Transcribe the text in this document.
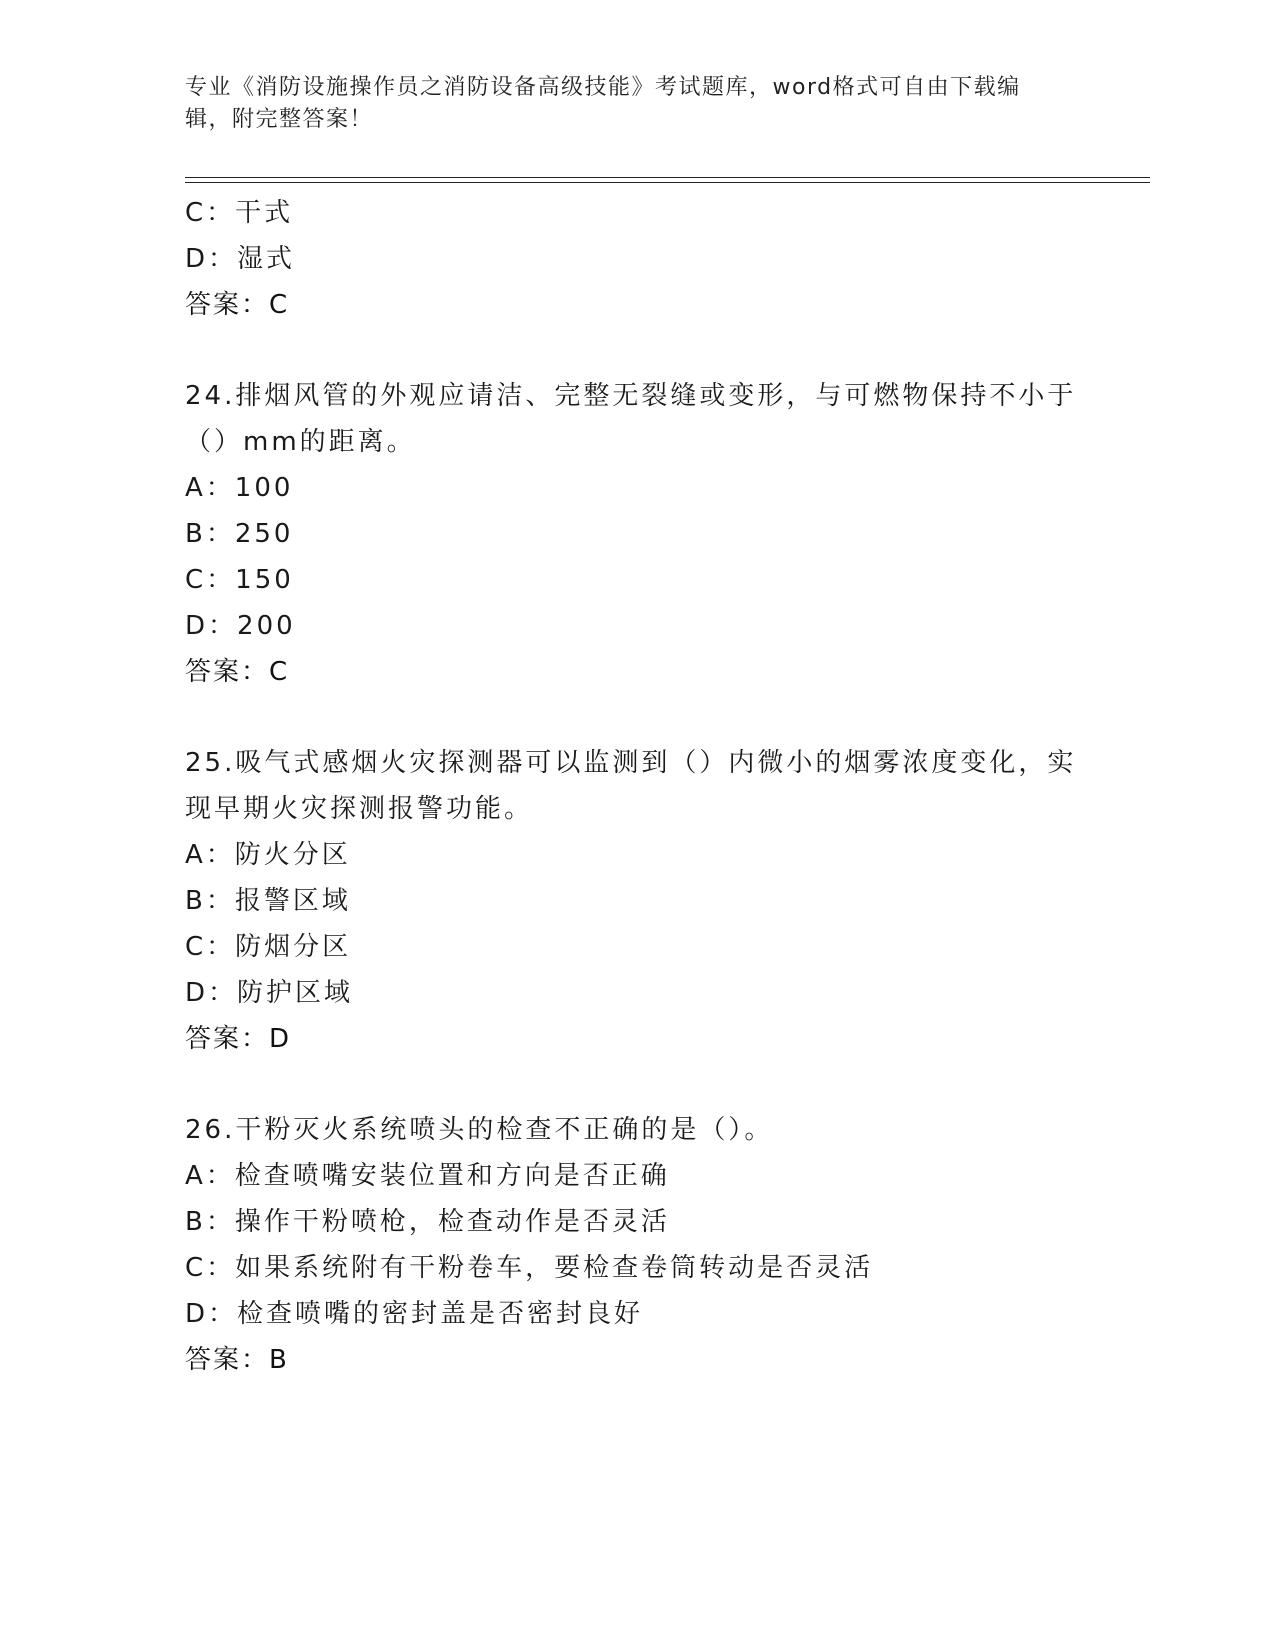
专业《消防设施操作员之消防设备高级技能》考试题库，word格式可自由下载编
辑，附完整答案！
C：干式
D：湿式
答案：C
24.排烟风管的外观应请洁、完整无裂缝或变形，与可燃物保持不小于
（）mm的距离。
A：100
B：250
C：150
D：200
答案：C
25.吸气式感烟火灾探测器可以监测到（）内微小的烟雾浓度变化，实
现早期火灾探测报警功能。
A：防火分区
B：报警区域
C：防烟分区
D：防护区域
答案：D
26.干粉灭火系统喷头的检查不正确的是（）。
A：检查喷嘴安装位置和方向是否正确
B：操作干粉喷枪，检查动作是否灵活
C：如果系统附有干粉卷车，要检查卷筒转动是否灵活
D：检查喷嘴的密封盖是否密封良好
答案：B
